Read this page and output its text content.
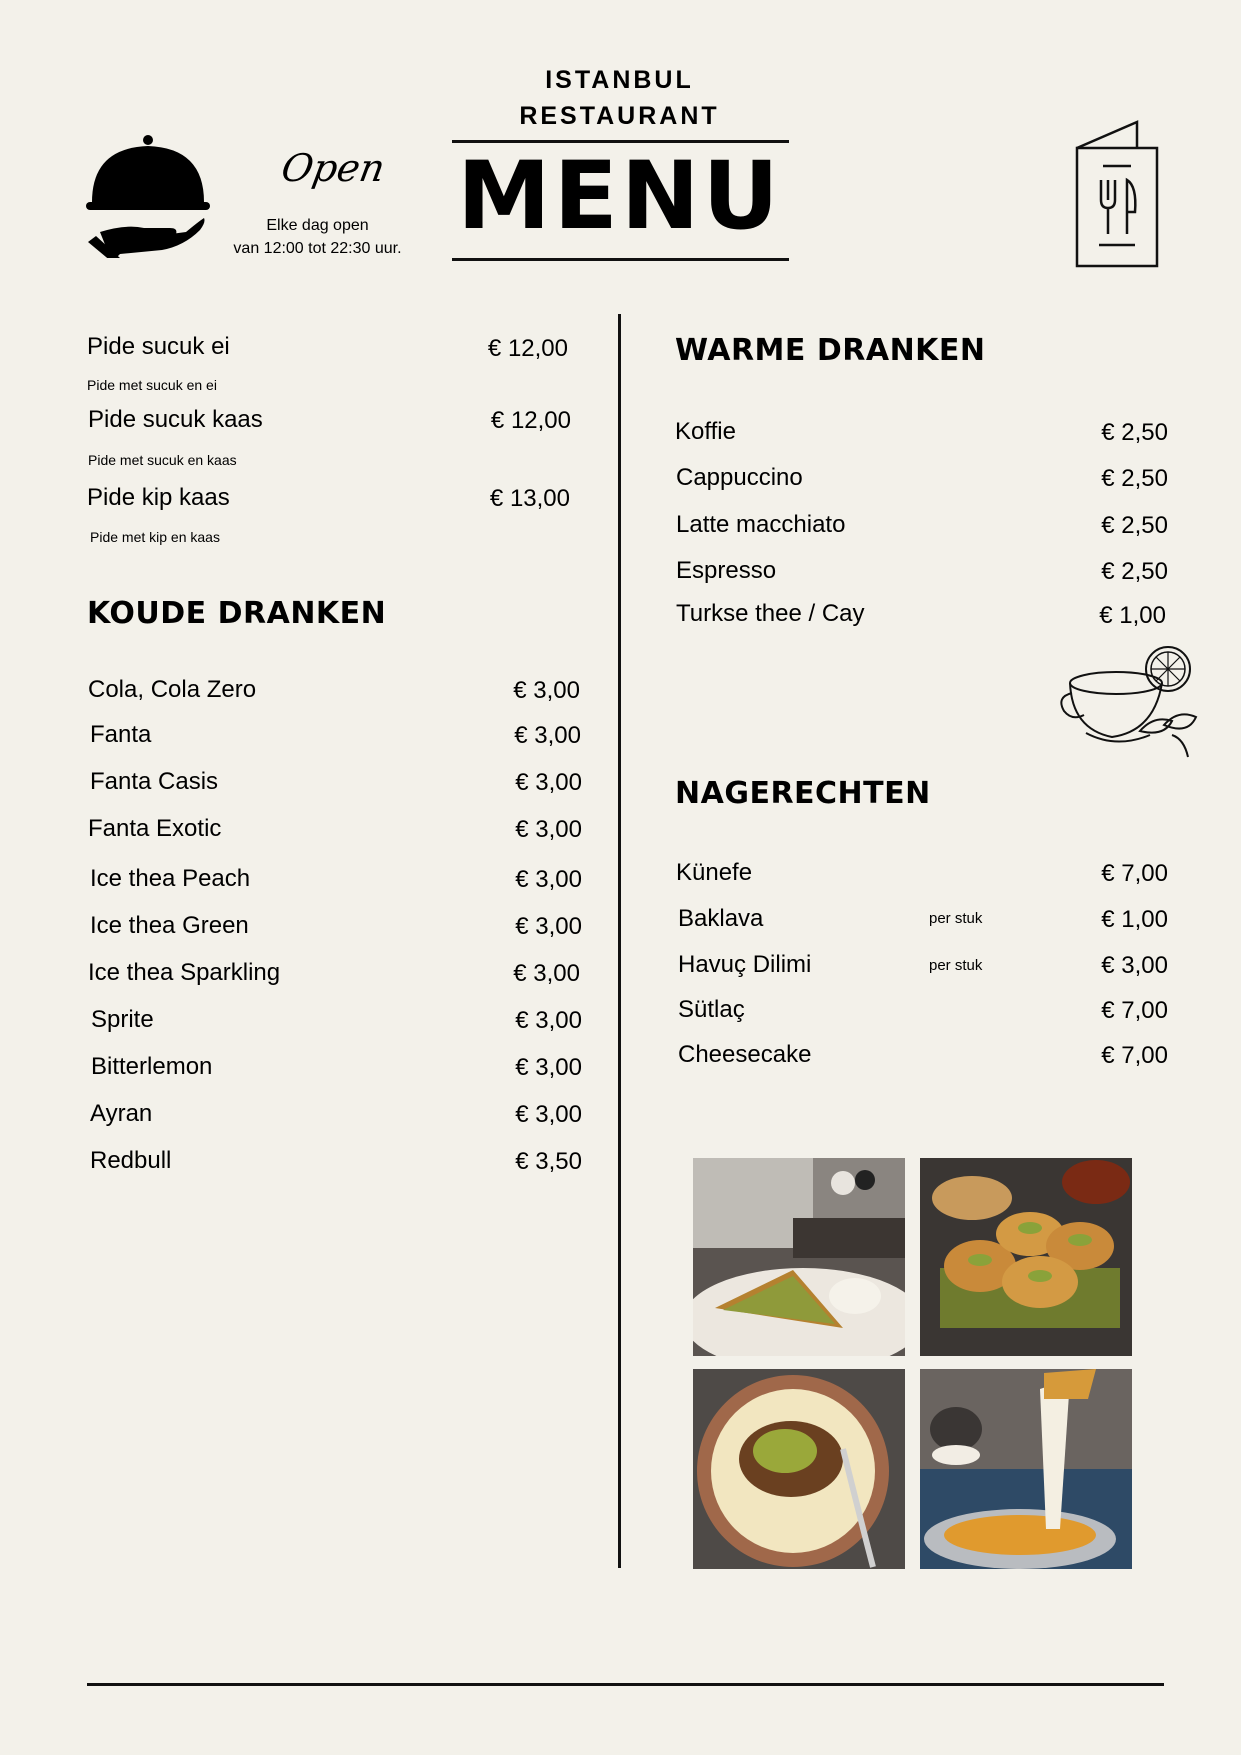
ISTANBUL
RESTAURANT
MENU
Open
Elke dag open
van 12:00 tot 22:30 uur.
Pide sucuk ei	€ 12,00
Pide met sucuk en ei
Pide sucuk kaas	€ 12,00
Pide met sucuk en kaas
Pide kip kaas	€ 13,00
Pide met kip en kaas
KOUDE DRANKEN
Cola, Cola Zero	€ 3,00
Fanta	€ 3,00
Fanta Casis	€ 3,00
Fanta Exotic	€ 3,00
Ice thea Peach	€ 3,00
Ice thea Green	€ 3,00
Ice thea Sparkling	€ 3,00
Sprite	€ 3,00
Bitterlemon	€ 3,00
Ayran	€ 3,00
Redbull	€ 3,50
WARME DRANKEN
Koffie	€ 2,50
Cappuccino	€ 2,50
Latte macchiato	€ 2,50
Espresso	€ 2,50
Turkse thee / Cay	€ 1,00
NAGERECHTEN
Künefe	€ 7,00
Baklava	per stuk	€ 1,00
Havuç Dilimi	per stuk	€ 3,00
Sütlaç	€ 7,00
Cheesecake	€ 7,00
